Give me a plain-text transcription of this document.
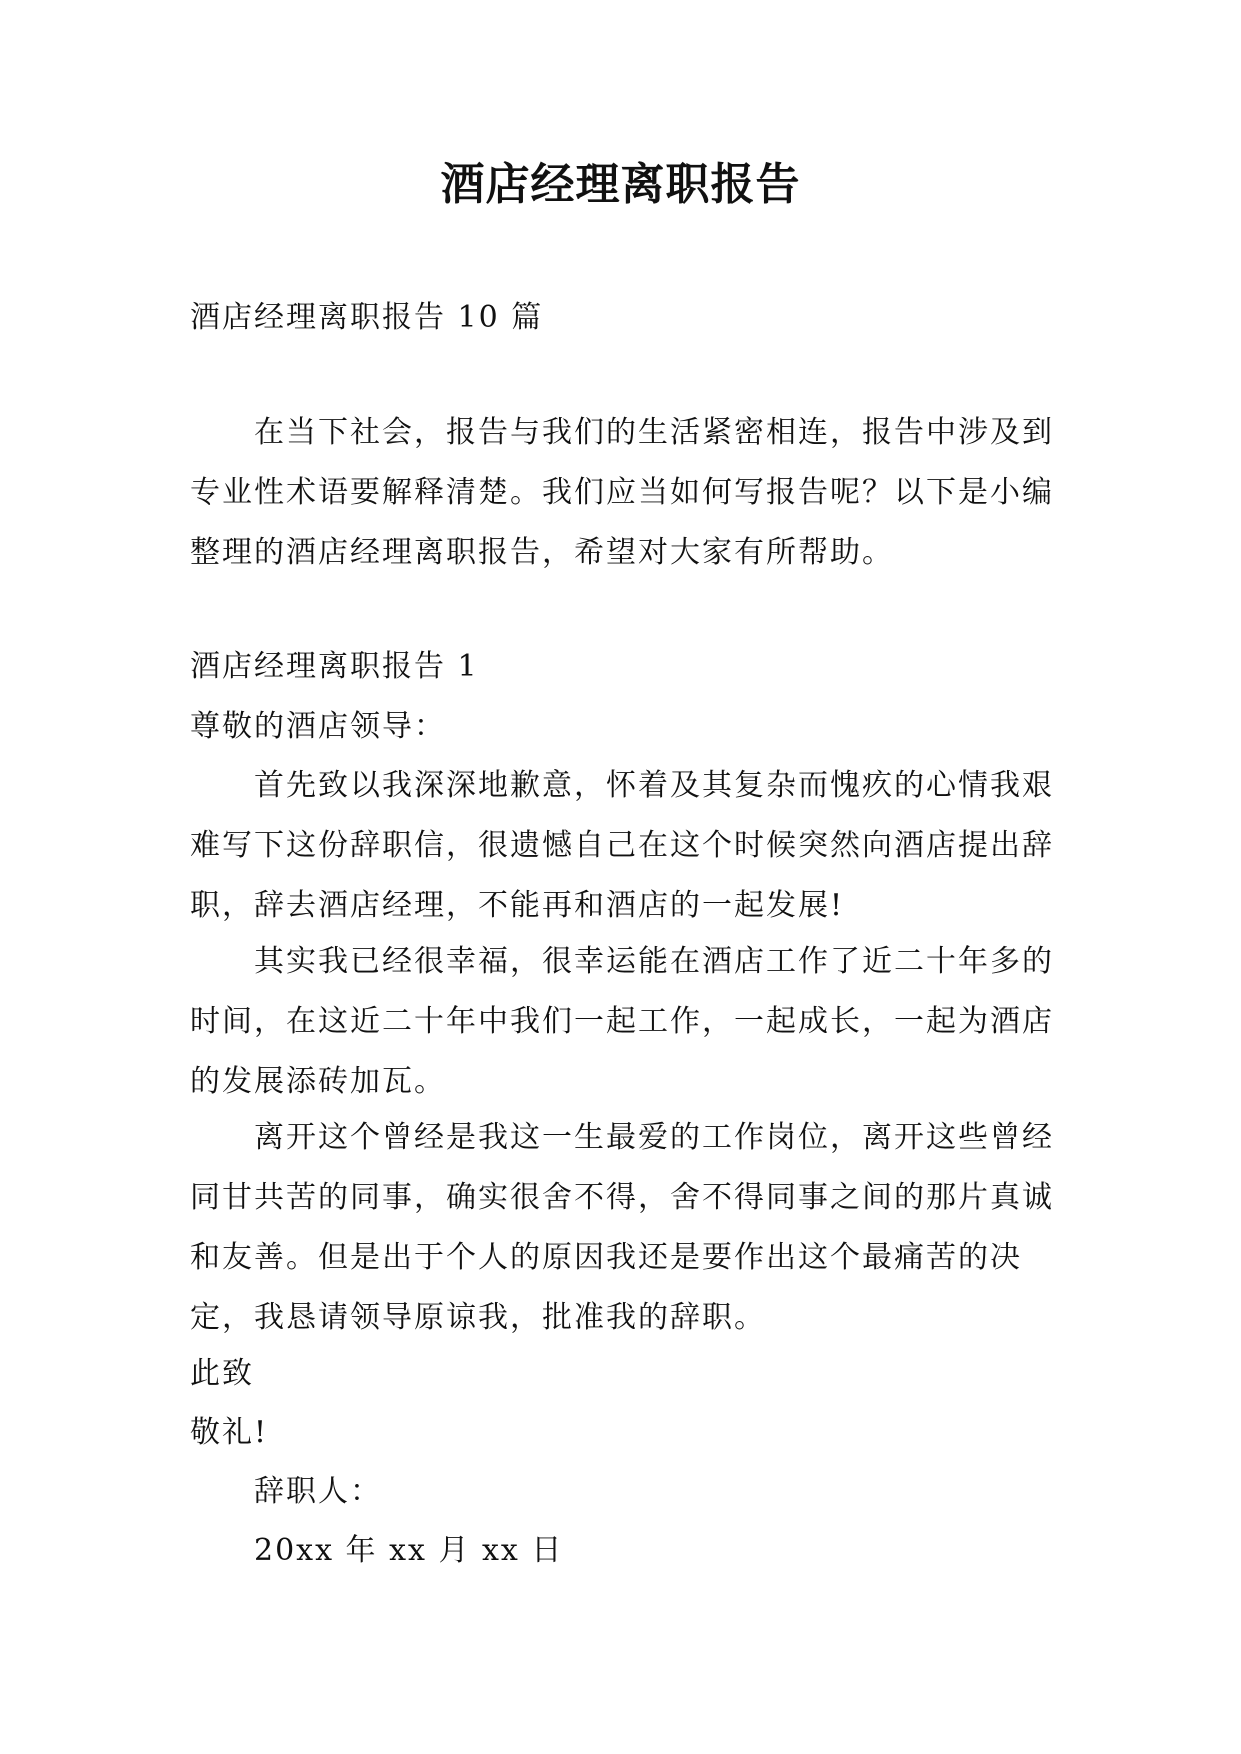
酒店经理离职报告

酒店经理离职报告 10 篇

在当下社会，报告与我们的生活紧密相连，报告中涉及到专业性术语要解释清楚。我们应当如何写报告呢？以下是小编整理的酒店经理离职报告，希望对大家有所帮助。

酒店经理离职报告 1

尊敬的酒店领导：

首先致以我深深地歉意，怀着及其复杂而愧疚的心情我艰难写下这份辞职信，很遗憾自己在这个时候突然向酒店提出辞职，辞去酒店经理，不能再和酒店的一起发展!

其实我已经很幸福，很幸运能在酒店工作了近二十年多的时间，在这近二十年中我们一起工作，一起成长，一起为酒店的发展添砖加瓦。

离开这个曾经是我这一生最爱的工作岗位，离开这些曾经同甘共苦的同事，确实很舍不得，舍不得同事之间的那片真诚和友善。但是出于个人的原因我还是要作出这个最痛苦的决定，我恳请领导原谅我，批准我的辞职。

此致

敬礼!

辞职人：

20xx 年 xx 月 xx 日
